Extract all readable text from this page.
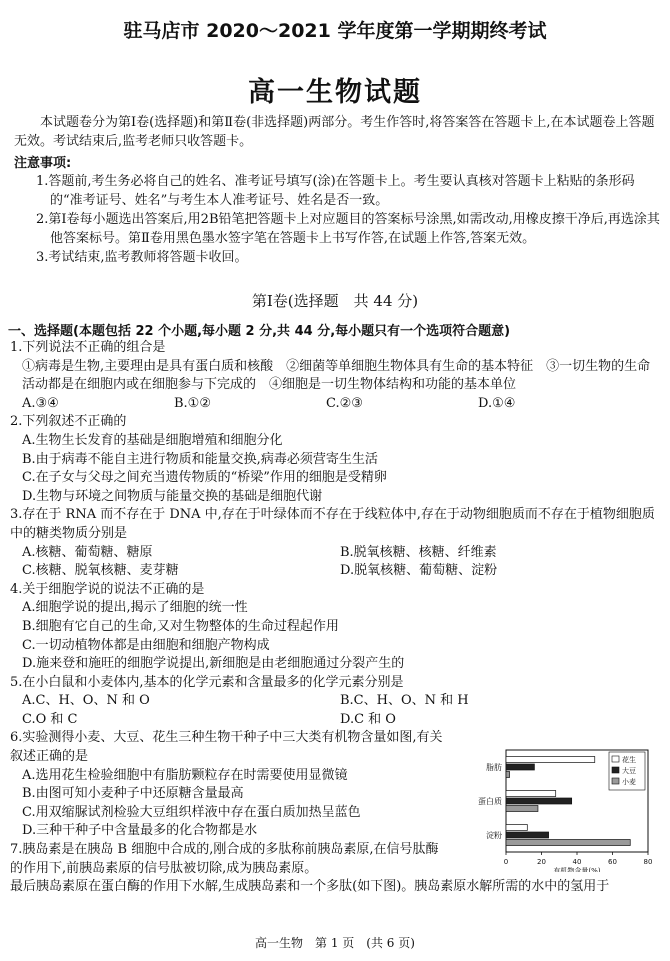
驻马店市 2020～2021 学年度第一学期期终考试
高一生物试题
本试题卷分为第Ⅰ卷(选择题)和第Ⅱ卷(非选择题)两部分。考生作答时,将答案答在答题卡上,在本试题卷上答题无效。考试结束后,监考老师只收答题卡。
注意事项:
1.答题前,考生务必将自己的姓名、准考证号填写(涂)在答题卡上。考生要认真核对答题卡上粘贴的条形码的“准考证号、姓名”与考生本人准考证号、姓名是否一致。
2.第Ⅰ卷每小题选出答案后,用2B铅笔把答题卡上对应题目的答案标号涂黑,如需改动,用橡皮擦干净后,再选涂其他答案标号。第Ⅱ卷用黑色墨水签字笔在答题卡上书写作答,在试题上作答,答案无效。
3.考试结束,监考教师将答题卡收回。
第Ⅰ卷(选择题　共 44 分)
一、选择题(本题包括 22 个小题,每小题 2 分,共 44 分,每小题只有一个选项符合题意)
1.下列说法不正确的组合是
①病毒是生物,主要理由是具有蛋白质和核酸　②细菌等单细胞生物体具有生命的基本特征　③一切生物的生命活动都是在细胞内或在细胞参与下完成的　④细胞是一切生物体结构和功能的基本单位
A.③④	B.①②	C.②③	D.①④
2.下列叙述不正确的
A.生物生长发育的基础是细胞增殖和细胞分化
B.由于病毒不能自主进行物质和能量交换,病毒必须营寄生生活
C.在子女与父母之间充当遗传物质的“桥梁”作用的细胞是受精卵
D.生物与环境之间物质与能量交换的基础是细胞代谢
3.存在于 RNA 而不存在于 DNA 中,存在于叶绿体而不存在于线粒体中,存在于动物细胞质而不存在于植物细胞质中的糖类物质分别是
A.核糖、葡萄糖、糖原	B.脱氧核糖、核糖、纤维素
C.核糖、脱氧核糖、麦芽糖	D.脱氧核糖、葡萄糖、淀粉
4.关于细胞学说的说法不正确的是
A.细胞学说的提出,揭示了细胞的统一性
B.细胞有它自己的生命,又对生物整体的生命过程起作用
C.一切动植物体都是由细胞和细胞产物构成
D.施来登和施旺的细胞学说提出,新细胞是由老细胞通过分裂产生的
5.在小白鼠和小麦体内,基本的化学元素和含量最多的化学元素分别是
A.C、H、O、N 和 O	B.C、H、O、N 和 H
C.O 和 C	D.C 和 O
6.实验测得小麦、大豆、花生三种生物干种子中三大类有机物含量如图,有关叙述正确的是
A.选用花生检验细胞中有脂肪颗粒存在时需要使用显微镜
B.由图可知小麦种子中还原糖含量最高
C.用双缩脲试剂检验大豆组织样液中存在蛋白质加热呈蓝色
D.三种干种子中含量最多的化合物都是水
7.胰岛素是在胰岛 B 细胞中合成的,刚合成的多肽称前胰岛素原,在信号肽酶的作用下,前胰岛素原的信号肽被切除,成为胰岛素原。
最后胰岛素原在蛋白酶的作用下水解,生成胰岛素和一个多肽(如下图)。胰岛素原水解所需的水中的氢用于
0	20	40	60	80
有机物含量(%)
脂肪
蛋白质
淀粉
花生
大豆
小麦
高一生物　第 1 页　(共 6 页)
